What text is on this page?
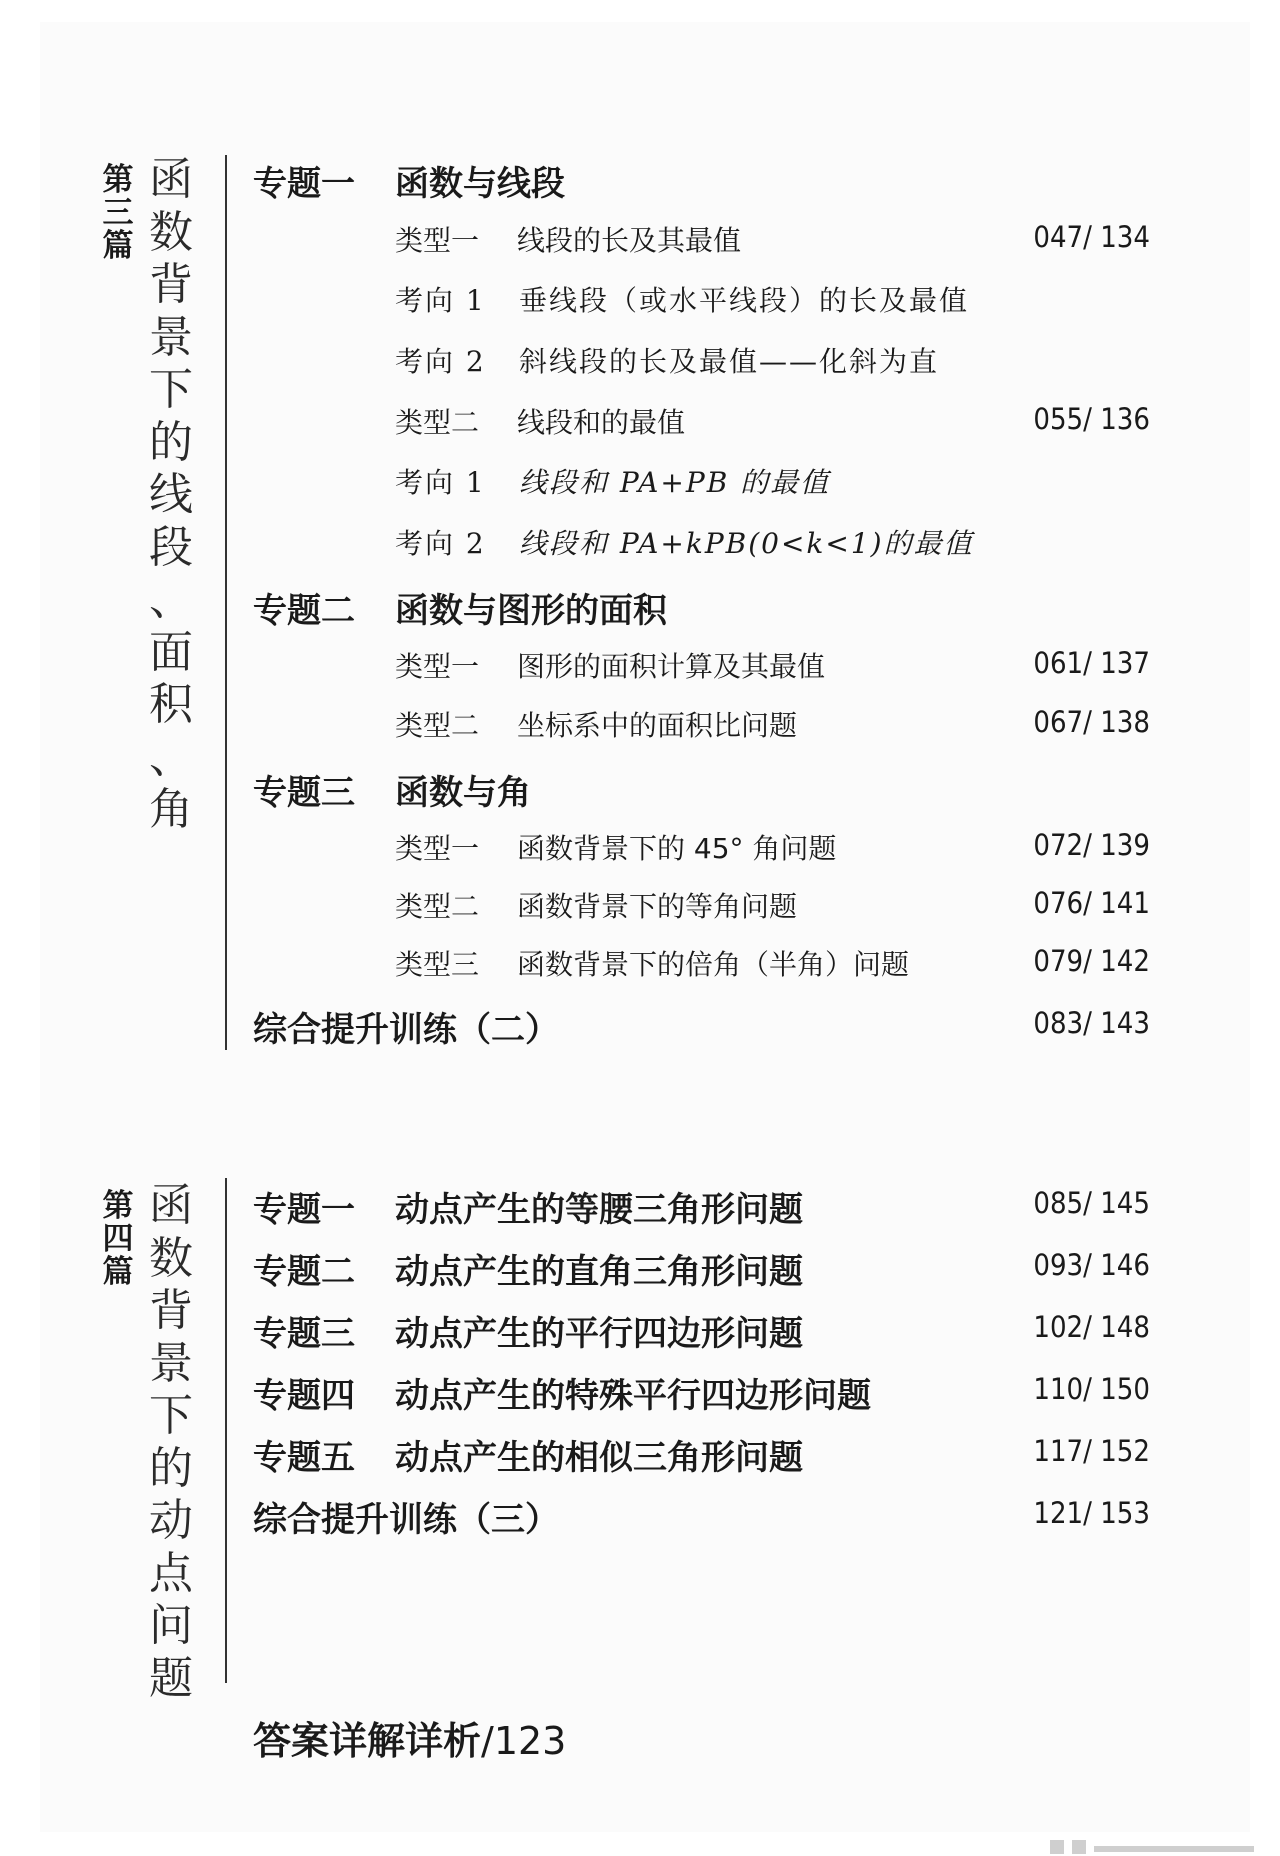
第
三
篇
函
数
背
景
下
的
线
段
、
面
积
、
角
专题一 函数与线段
类型一 线段的长及其最值	047/ 134
考向 1 垂线段（或水平线段）的长及最值
考向 2 斜线段的长及最值——化斜为直
类型二 线段和的最值	055/ 136
考向 1 线段和 PA+PB 的最值
考向 2 线段和 PA+kPB(0<k<1)的最值
专题二 函数与图形的面积
类型一 图形的面积计算及其最值	061/ 137
类型二 坐标系中的面积比问题	067/ 138
专题三 函数与角
类型一 函数背景下的 45° 角问题	072/ 139
类型二 函数背景下的等角问题	076/ 141
类型三 函数背景下的倍角（半角）问题	079/ 142
综合提升训练（二）	083/ 143
第
四
篇
函
数
背
景
下
的
动
点
问
题
专题一 动点产生的等腰三角形问题	085/ 145
专题二 动点产生的直角三角形问题	093/ 146
专题三 动点产生的平行四边形问题	102/ 148
专题四 动点产生的特殊平行四边形问题	110/ 150
专题五 动点产生的相似三角形问题	117/ 152
综合提升训练（三）	121/ 153
答案详解详析/123
